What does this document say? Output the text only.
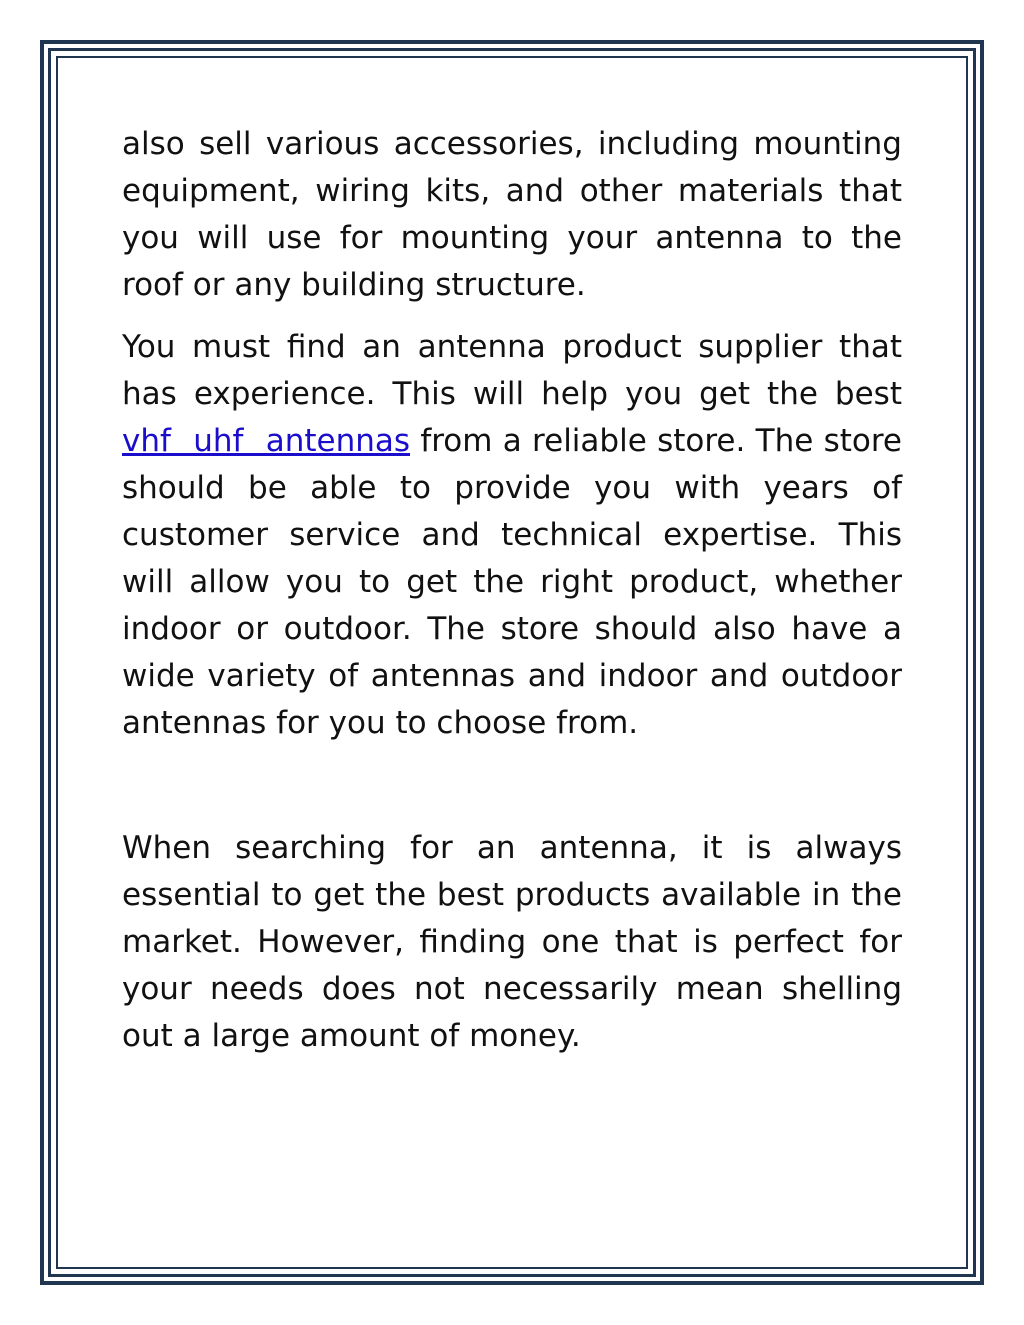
also sell various accessories, including mounting equipment, wiring kits, and other materials that you will use for mounting your antenna to the roof or any building structure.

You must find an antenna product supplier that has experience. This will help you get the best vhf uhf antennas from a reliable store. The store should be able to provide you with years of customer service and technical expertise. This will allow you to get the right product, whether indoor or outdoor. The store should also have a wide variety of antennas and indoor and outdoor antennas for you to choose from.

When searching for an antenna, it is always essential to get the best products available in the market. However, finding one that is perfect for your needs does not necessarily mean shelling out a large amount of money.
